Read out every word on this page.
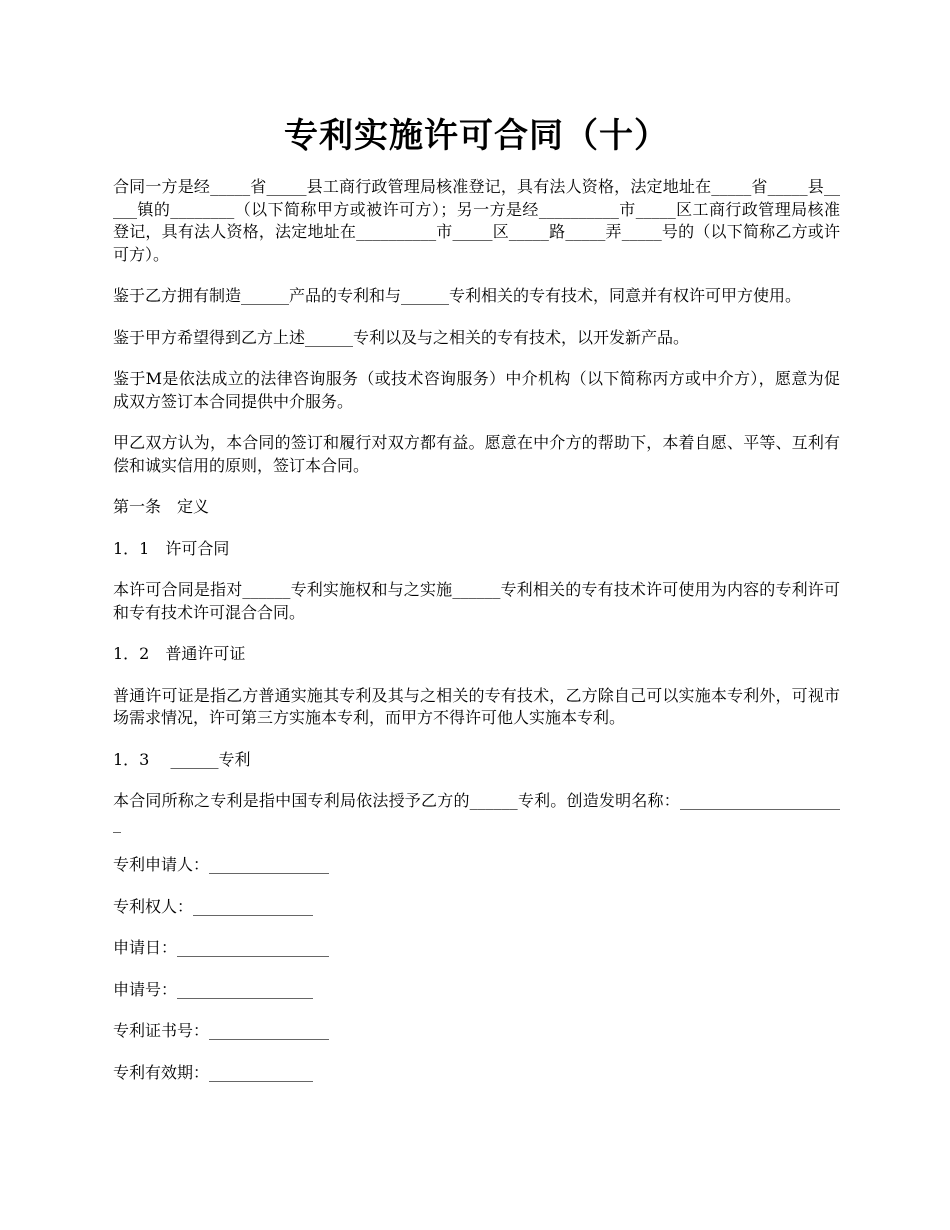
专利实施许可合同（十）

合同一方是经_____省_____县工商行政管理局核准登记，具有法人资格，法定地址在_____省_____县_____镇的________（以下简称甲方或被许可方）；另一方是经__________市_____区工商行政管理局核准登记，具有法人资格，法定地址在__________市_____区_____路_____弄_____号的（以下简称乙方或许可方）。

鉴于乙方拥有制造______产品的专利和与______专利相关的专有技术，同意并有权许可甲方使用。

鉴于甲方希望得到乙方上述______专利以及与之相关的专有技术，以开发新产品。

鉴于M是依法成立的法律咨询服务（或技术咨询服务）中介机构（以下简称丙方或中介方），愿意为促成双方签订本合同提供中介服务。

甲乙双方认为，本合同的签订和履行对双方都有益。愿意在中介方的帮助下，本着自愿、平等、互利有偿和诚实信用的原则，签订本合同。

第一条　定义

1．1　许可合同

本许可合同是指对______专利实施权和与之实施______专利相关的专有技术许可使用为内容的专利许可和专有技术许可混合合同。

1．2　普通许可证

普通许可证是指乙方普通实施其专利及其与之相关的专有技术，乙方除自己可以实施本专利外，可视市场需求情况，许可第三方实施本专利，而甲方不得许可他人实施本专利。

1．3　 ______专利

本合同所称之专利是指中国专利局依法授予乙方的______专利。创造发明名称：_____________________

专利申请人：_______________

专利权人：_______________

申请日：___________________

申请号：_________________

专利证书号：_______________

专利有效期：_____________
